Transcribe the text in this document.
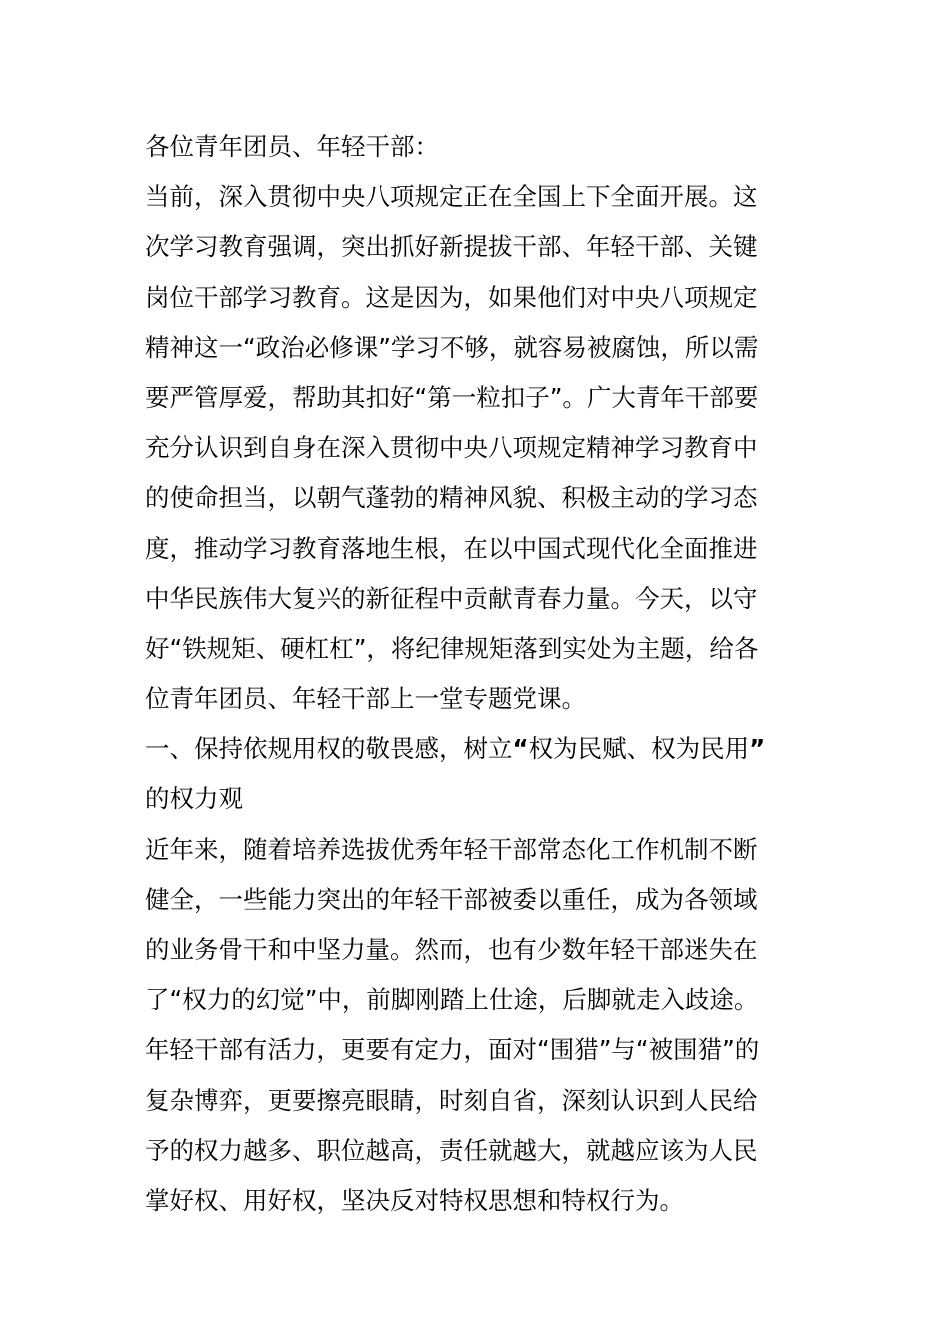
各位青年团员、年轻干部：
当前，深入贯彻中央八项规定正在全国上下全面开展。这
次学习教育强调，突出抓好新提拔干部、年轻干部、关键
岗位干部学习教育。这是因为，如果他们对中央八项规定
精神这一“政治必修课”学习不够，就容易被腐蚀，所以需
要严管厚爱，帮助其扣好“第一粒扣子”。广大青年干部要
充分认识到自身在深入贯彻中央八项规定精神学习教育中
的使命担当，以朝气蓬勃的精神风貌、积极主动的学习态
度，推动学习教育落地生根，在以中国式现代化全面推进
中华民族伟大复兴的新征程中贡献青春力量。今天，以守
好“铁规矩、硬杠杠”，将纪律规矩落到实处为主题，给各
位青年团员、年轻干部上一堂专题党课。
一、保持依规用权的敬畏感，树立“权为民赋、权为民用”
的权力观
近年来，随着培养选拔优秀年轻干部常态化工作机制不断
健全，一些能力突出的年轻干部被委以重任，成为各领域
的业务骨干和中坚力量。然而，也有少数年轻干部迷失在
了“权力的幻觉”中，前脚刚踏上仕途，后脚就走入歧途。
年轻干部有活力，更要有定力，面对“围猎”与“被围猎”的
复杂博弈，更要擦亮眼睛，时刻自省，深刻认识到人民给
予的权力越多、职位越高，责任就越大，就越应该为人民
掌好权、用好权，坚决反对特权思想和特权行为。
